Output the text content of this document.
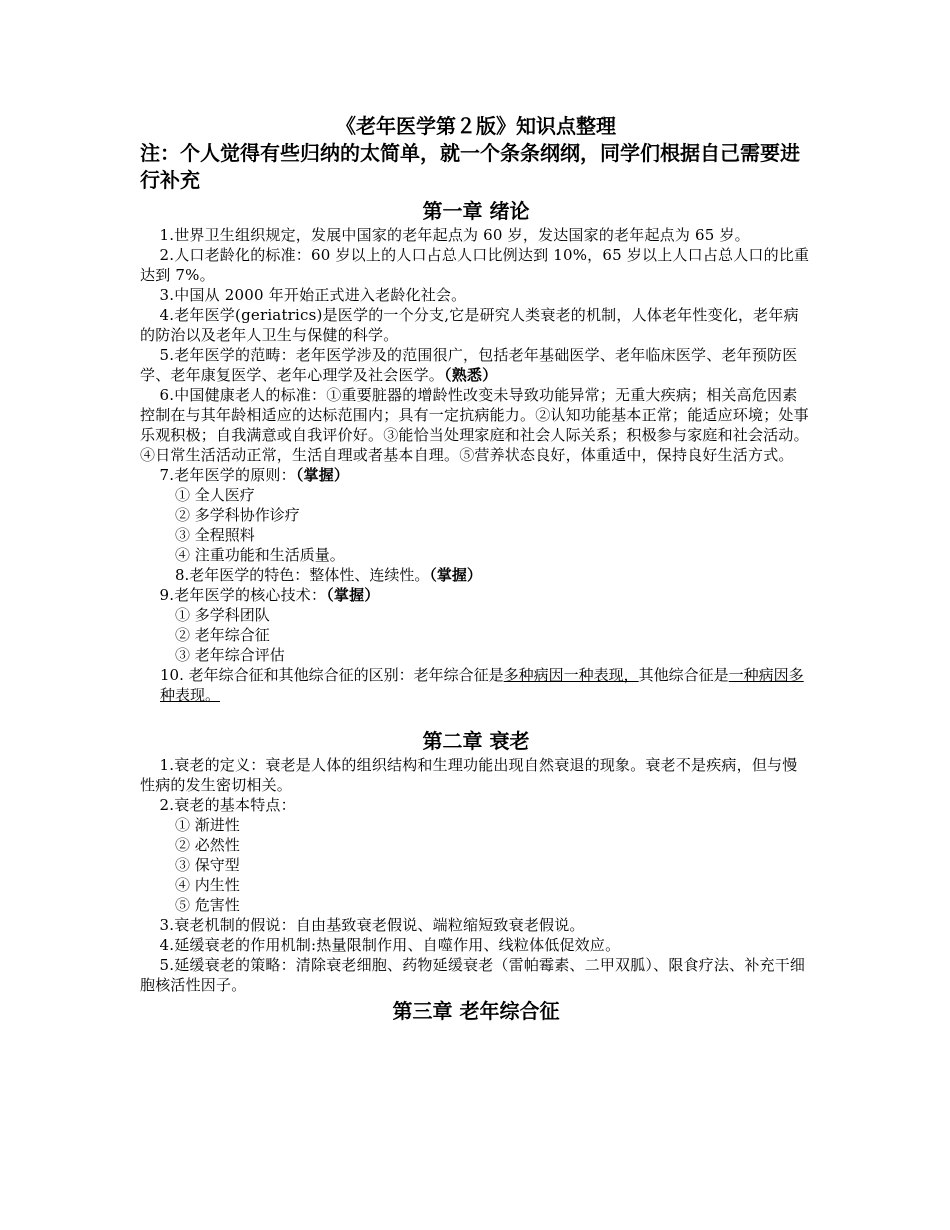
《老年医学第２版》知识点整理

注：个人觉得有些归纳的太简单，就一个条条纲纲，同学们根据自己需要进行补充

第一章 绪论

1.世界卫生组织规定，发展中国家的老年起点为 60 岁，发达国家的老年起点为 65 岁。

2.人口老龄化的标准：60 岁以上的人口占总人口比例达到 10%，65 岁以上人口占总人口的比重达到 7%。

3.中国从 2000 年开始正式进入老龄化社会。

4.老年医学(geriatrics)是医学的一个分支,它是研究人类衰老的机制，人体老年性变化，老年病的防治以及老年人卫生与保健的科学。

5.老年医学的范畴：老年医学涉及的范围很广，包括老年基础医学、老年临床医学、老年预防医学、老年康复医学、老年心理学及社会医学。（熟悉）

6.中国健康老人的标准：①重要脏器的增龄性改变未导致功能异常；无重大疾病；相关高危因素控制在与其年龄相适应的达标范围内；具有一定抗病能力。②认知功能基本正常；能适应环境；处事乐观积极；自我满意或自我评价好。③能恰当处理家庭和社会人际关系；积极参与家庭和社会活动。④日常生活活动正常，生活自理或者基本自理。⑤营养状态良好，体重适中，保持良好生活方式。

7.老年医学的原则：（掌握）

① 全人医疗

② 多学科协作诊疗

③ 全程照料

④ 注重功能和生活质量。

8.老年医学的特色：整体性、连续性。（掌握）

9.老年医学的核心技术：（掌握）

① 多学科团队

② 老年综合征

③ 老年综合评估

10. 老年综合征和其他综合征的区别：老年综合征是多种病因一种表现，其他综合征是一种病因多种表现。

第二章 衰老

1.衰老的定义：衰老是人体的组织结构和生理功能出现自然衰退的现象。衰老不是疾病，但与慢性病的发生密切相关。

2.衰老的基本特点：

① 渐进性

② 必然性

③ 保守型

④ 内生性

⑤ 危害性

3.衰老机制的假说：自由基致衰老假说、端粒缩短致衰老假说。

4.延缓衰老的作用机制:热量限制作用、自噬作用、线粒体低促效应。

5.延缓衰老的策略：清除衰老细胞、药物延缓衰老（雷帕霉素、二甲双胍）、限食疗法、补充干细胞核活性因子。

第三章 老年综合征
